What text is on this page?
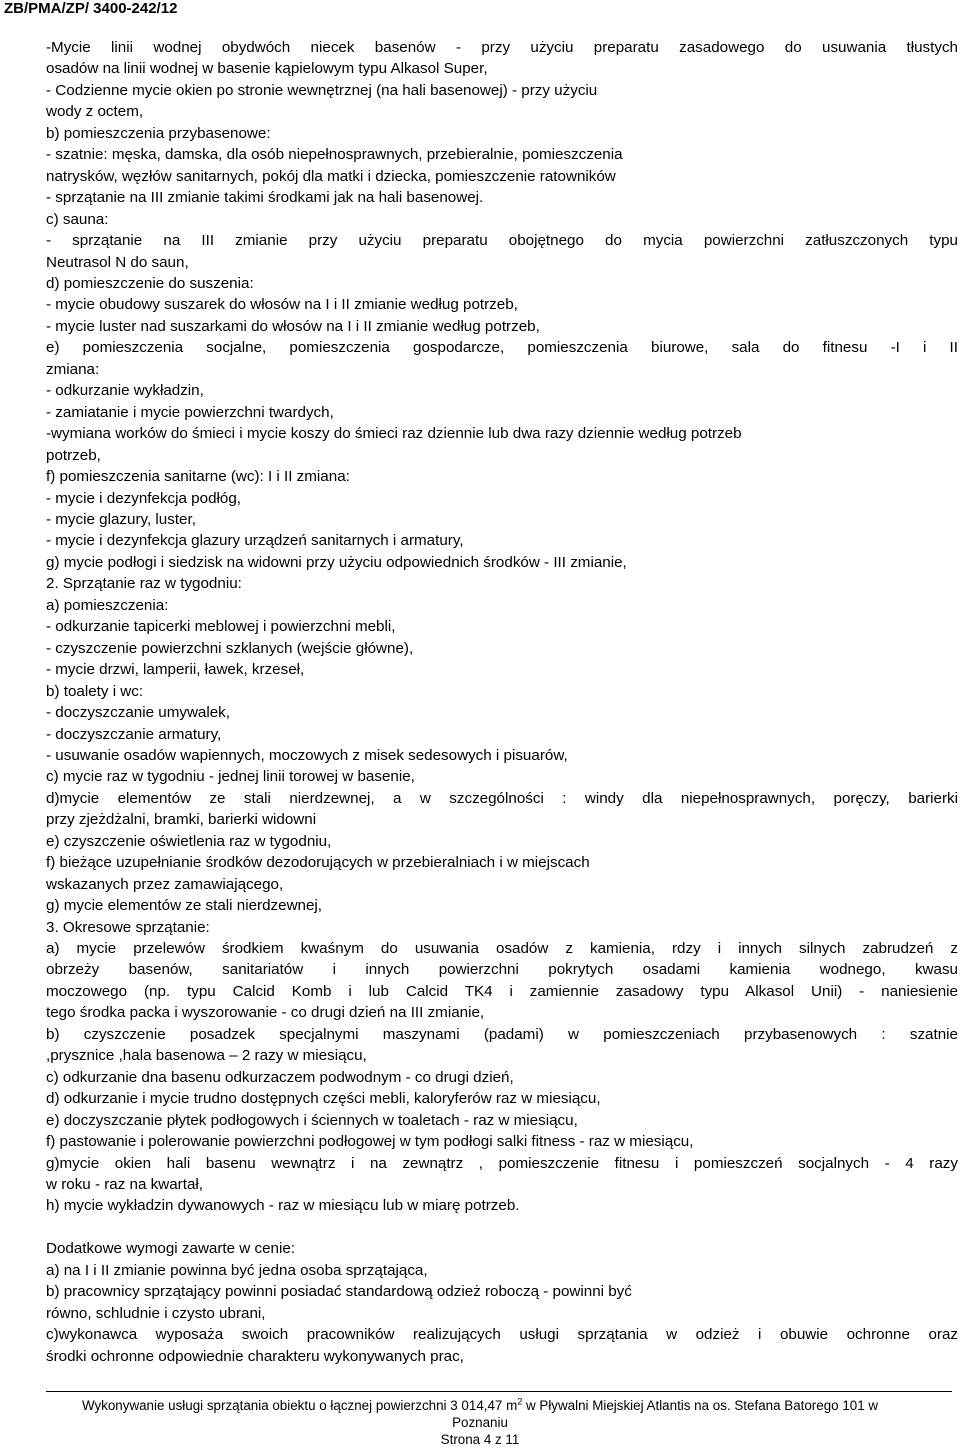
ZB/PMA/ZP/ 3400-242/12
-Mycie linii wodnej obydwóch niecek basenów - przy użyciu preparatu zasadowego do usuwania tłustych
osadów na linii wodnej w basenie kąpielowym typu Alkasol Super,
- Codzienne mycie okien po stronie wewnętrznej (na hali basenowej) - przy użyciu
wody z octem,
b) pomieszczenia przybasenowe:
- szatnie: męska, damska, dla osób niepełnosprawnych, przebieralnie, pomieszczenia
natrysków, węzłów sanitarnych, pokój dla matki i dziecka, pomieszczenie ratowników
- sprzątanie na III zmianie takimi środkami jak na hali basenowej.
c) sauna:
- sprzątanie na III zmianie przy użyciu preparatu obojętnego do mycia powierzchni zatłuszczonych typu
Neutrasol N do saun,
d) pomieszczenie do suszenia:
- mycie obudowy suszarek do włosów na I i II zmianie według potrzeb,
- mycie luster nad suszarkami do włosów na I i II zmianie według potrzeb,
e) pomieszczenia socjalne, pomieszczenia gospodarcze, pomieszczenia biurowe, sala do fitnesu -I i II
zmiana:
- odkurzanie wykładzin,
- zamiatanie i mycie powierzchni twardych,
-wymiana worków do śmieci i mycie koszy do śmieci raz dziennie lub dwa razy dziennie według potrzeb
potrzeb,
f) pomieszczenia sanitarne (wc): I i II zmiana:
- mycie i dezynfekcja podłóg,
- mycie glazury, luster,
- mycie i dezynfekcja glazury urządzeń sanitarnych i armatury,
g) mycie podłogi i siedzisk na widowni przy użyciu odpowiednich środków - III zmianie,
2. Sprzątanie raz w tygodniu:
a) pomieszczenia:
- odkurzanie tapicerki meblowej i powierzchni mebli,
- czyszczenie powierzchni szklanych (wejście główne),
- mycie drzwi, lamperii, ławek, krzeseł,
b) toalety i wc:
- doczyszczanie umywalek,
- doczyszczanie armatury,
- usuwanie osadów wapiennych, moczowych z misek sedesowych i pisuarów,
c) mycie raz w tygodniu - jednej linii torowej w basenie,
d)mycie elementów ze stali nierdzewnej, a w szczególności : windy dla niepełnosprawnych, poręczy, barierki
przy zjeżdżalni, bramki, barierki widowni
e) czyszczenie oświetlenia raz w tygodniu,
f) bieżące uzupełnianie środków dezodorujących w przebieralniach i w miejscach
wskazanych przez zamawiającego,
g) mycie elementów ze stali nierdzewnej,
3. Okresowe sprzątanie:
a) mycie przelewów środkiem kwaśnym do usuwania osadów z kamienia, rdzy i innych silnych zabrudzeń z
obrzeży basenów, sanitariatów i innych powierzchni pokrytych osadami kamienia wodnego, kwasu
moczowego (np. typu Calcid Komb i lub Calcid TK4 i zamiennie zasadowy typu Alkasol Unii) - naniesienie
tego środka packa i wyszorowanie - co drugi dzień na III zmianie,
b) czyszczenie posadzek specjalnymi maszynami (padami) w pomieszczeniach przybasenowych : szatnie
,prysznice ,hala basenowa – 2 razy w miesiącu,
c) odkurzanie dna basenu odkurzaczem podwodnym - co drugi dzień,
d) odkurzanie i mycie trudno dostępnych części mebli, kaloryferów raz w miesiącu,
e) doczyszczanie płytek podłogowych i ściennych w toaletach - raz w miesiącu,
f) pastowanie i polerowanie powierzchni podłogowej w tym podłogi salki fitness - raz w miesiącu,
g)mycie okien hali basenu wewnątrz i na zewnątrz , pomieszczenie fitnesu i pomieszczeń socjalnych - 4 razy
w roku - raz na kwartał,
h) mycie wykładzin dywanowych - raz w miesiącu lub w miarę potrzeb.
Dodatkowe wymogi zawarte w cenie:
a) na I i II zmianie powinna być jedna osoba sprzątająca,
b) pracownicy sprzątający powinni posiadać standardową odzież roboczą - powinni być
równo, schludnie i czysto ubrani,
c)wykonawca wyposaża swoich pracowników realizujących usługi sprzątania w odzież i obuwie ochronne oraz
środki ochronne odpowiednie charakteru wykonywanych prac,
Wykonywanie usługi sprzątania obiektu o łącznej powierzchni 3 014,47 $m^2$ w Pływalni Miejskiej Atlantis na os. Stefana Batorego 101 w
Poznaniu
Strona 4 z 11
